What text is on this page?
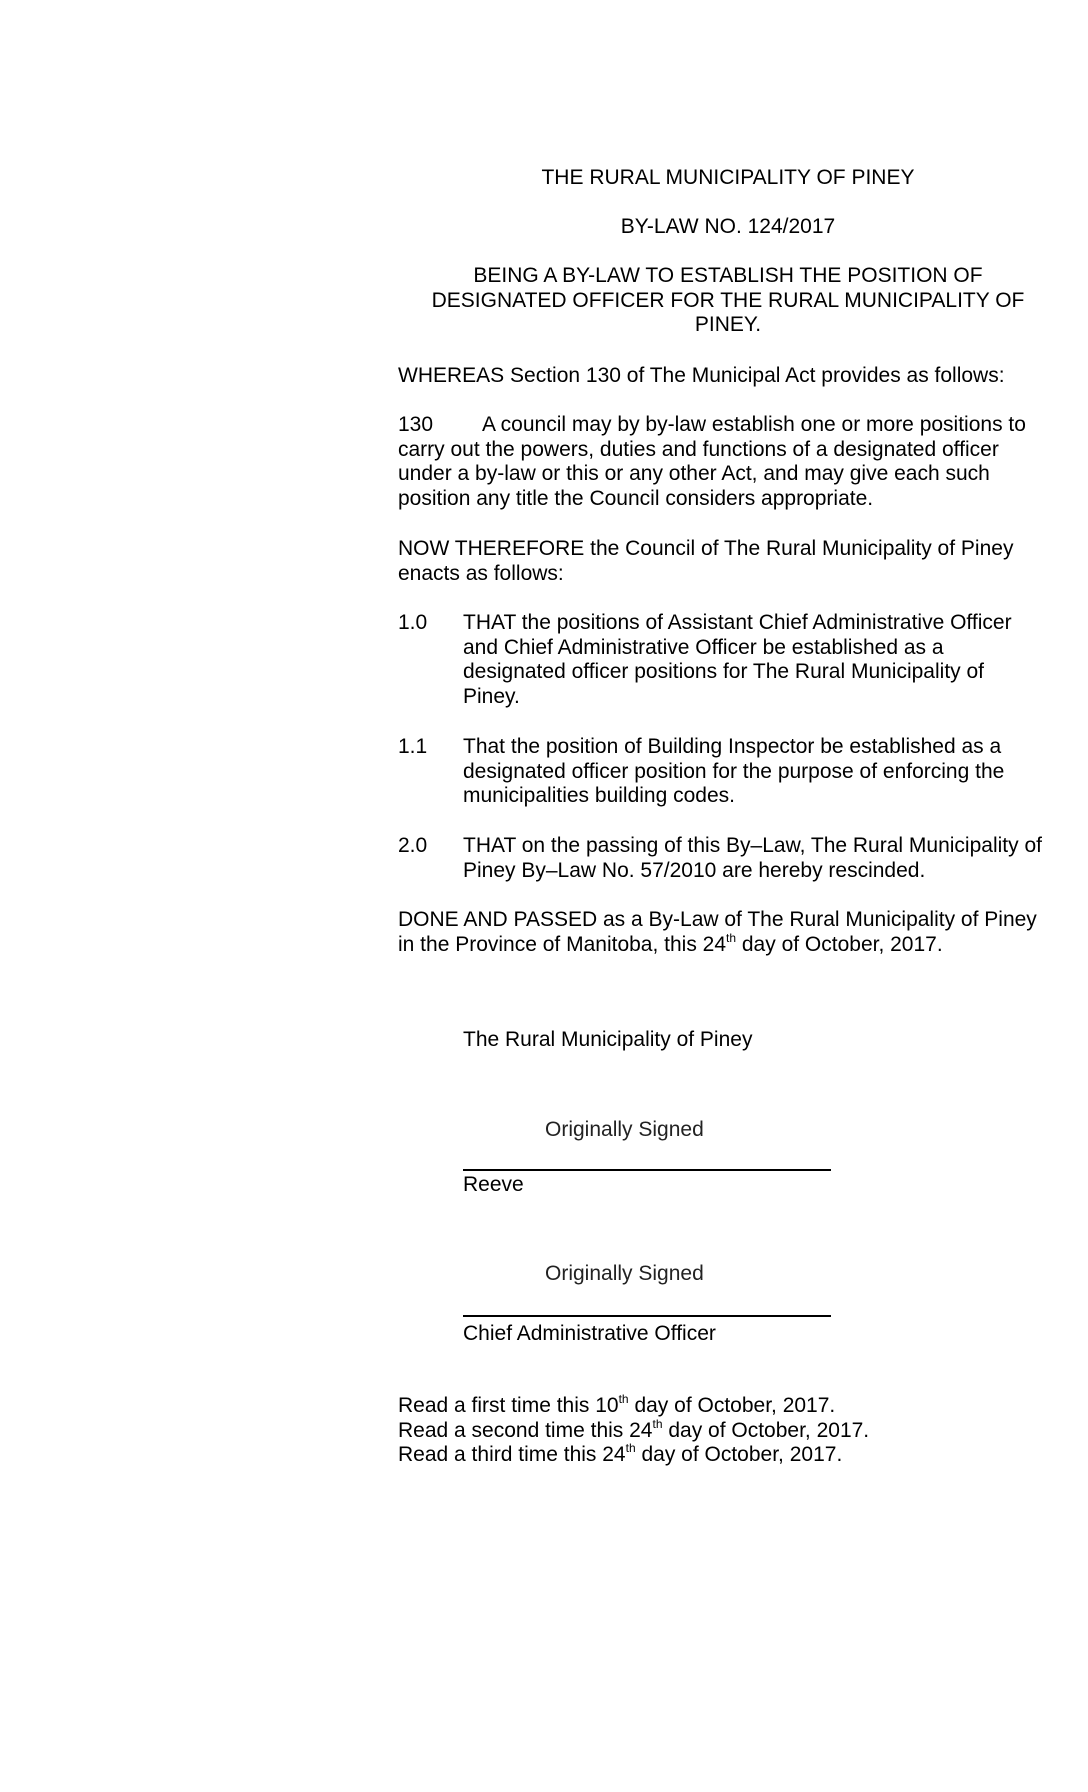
THE RURAL MUNICIPALITY OF PINEY
BY-LAW NO. 124/2017
BEING A BY-LAW TO ESTABLISH THE POSITION OF
DESIGNATED OFFICER FOR THE RURAL MUNICIPALITY OF
PINEY.
WHEREAS Section 130 of The Municipal Act provides as follows:
130	A council may by by-law establish one or more positions to
carry out the powers, duties and functions of a designated officer
under a by-law or this or any other Act, and may give each such
position any title the Council considers appropriate.
NOW THEREFORE the Council of The Rural Municipality of Piney
enacts as follows:
1.0 THAT the positions of Assistant Chief Administrative Officer
and Chief Administrative Officer be established as a
designated officer positions for The Rural Municipality of
Piney.
1.1 That the position of Building Inspector be established as a
designated officer position for the purpose of enforcing the
municipalities building codes.
2.0 THAT on the passing of this By–Law, The Rural Municipality of
Piney By–Law No. 57/2010 are hereby rescinded.
DONE AND PASSED as a By-Law of The Rural Municipality of Piney
in the Province of Manitoba, this 24th day of October, 2017.
The Rural Municipality of Piney
Originally Signed
Reeve
Originally Signed
Chief Administrative Officer
Read a first time this 10th day of October, 2017.
Read a second time this 24th day of October, 2017.
Read a third time this 24th day of October, 2017.
